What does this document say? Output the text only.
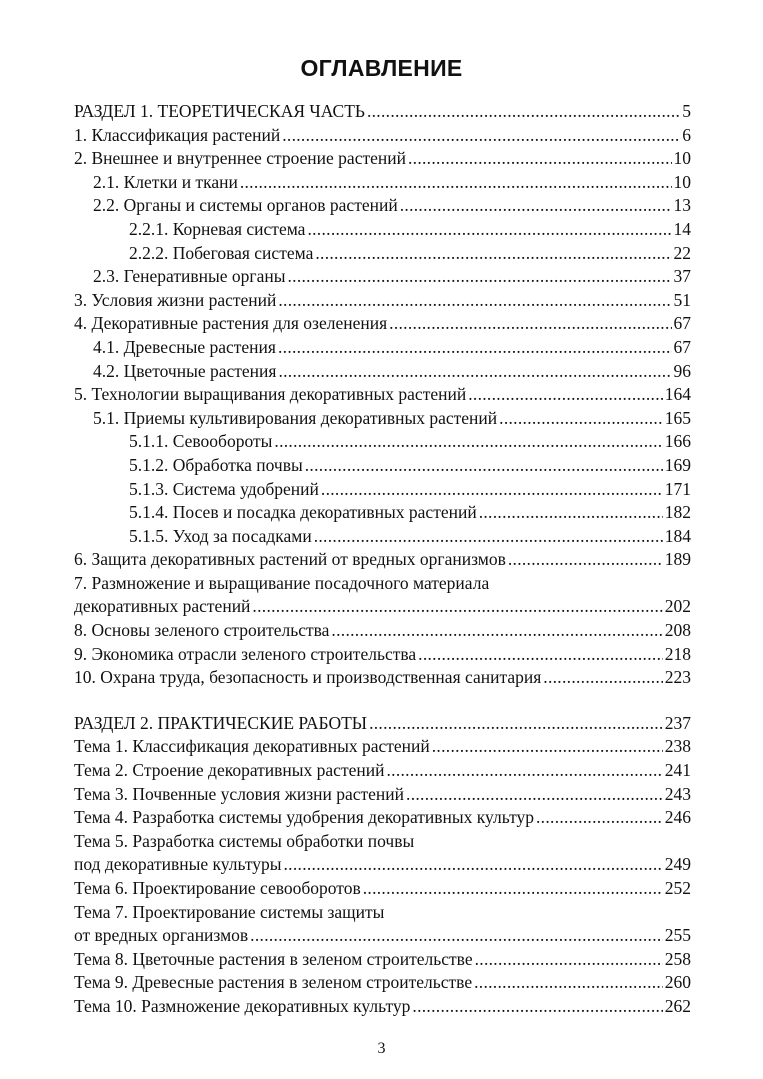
ОГЛАВЛЕНИЕ
РАЗДЕЛ 1. ТЕОРЕТИЧЕСКАЯ ЧАСТЬ .....	5
1. Классификация растений .....	6
2. Внешнее и внутреннее строение растений .....	10
2.1. Клетки и ткани .....	10
2.2. Органы и системы органов растений .....	13
2.2.1. Корневая система .....	14
2.2.2. Побеговая система .....	22
2.3. Генеративные органы .....	37
3. Условия жизни растений .....	51
4. Декоративные растения для озеленения .....	67
4.1. Древесные растения .....	67
4.2. Цветочные растения .....	96
5. Технологии выращивания декоративных растений .....	164
5.1. Приемы культивирования декоративных растений .....	165
5.1.1. Севообороты .....	166
5.1.2. Обработка почвы .....	169
5.1.3. Система удобрений .....	171
5.1.4. Посев и посадка декоративных растений .....	182
5.1.5. Уход за посадками .....	184
6. Защита декоративных растений от вредных организмов .....	189
7. Размножение и выращивание посадочного материала
декоративных растений .....	202
8. Основы зеленого строительства .....	208
9. Экономика отрасли зеленого строительства .....	218
10. Охрана труда, безопасность и производственная санитария .....	223
РАЗДЕЛ 2. ПРАКТИЧЕСКИЕ РАБОТЫ .....	237
Тема 1. Классификация декоративных растений .....	238
Тема 2. Строение декоративных растений .....	241
Тема 3. Почвенные условия жизни растений .....	243
Тема 4. Разработка системы удобрения декоративных культур .....	246
Тема 5. Разработка системы обработки почвы
под декоративные культуры .....	249
Тема 6. Проектирование севооборотов .....	252
Тема 7. Проектирование системы защиты
от вредных организмов .....	255
Тема 8. Цветочные растения в зеленом строительстве .....	258
Тема 9. Древесные растения в зеленом строительстве .....	260
Тема 10. Размножение декоративных культур .....	262
3
